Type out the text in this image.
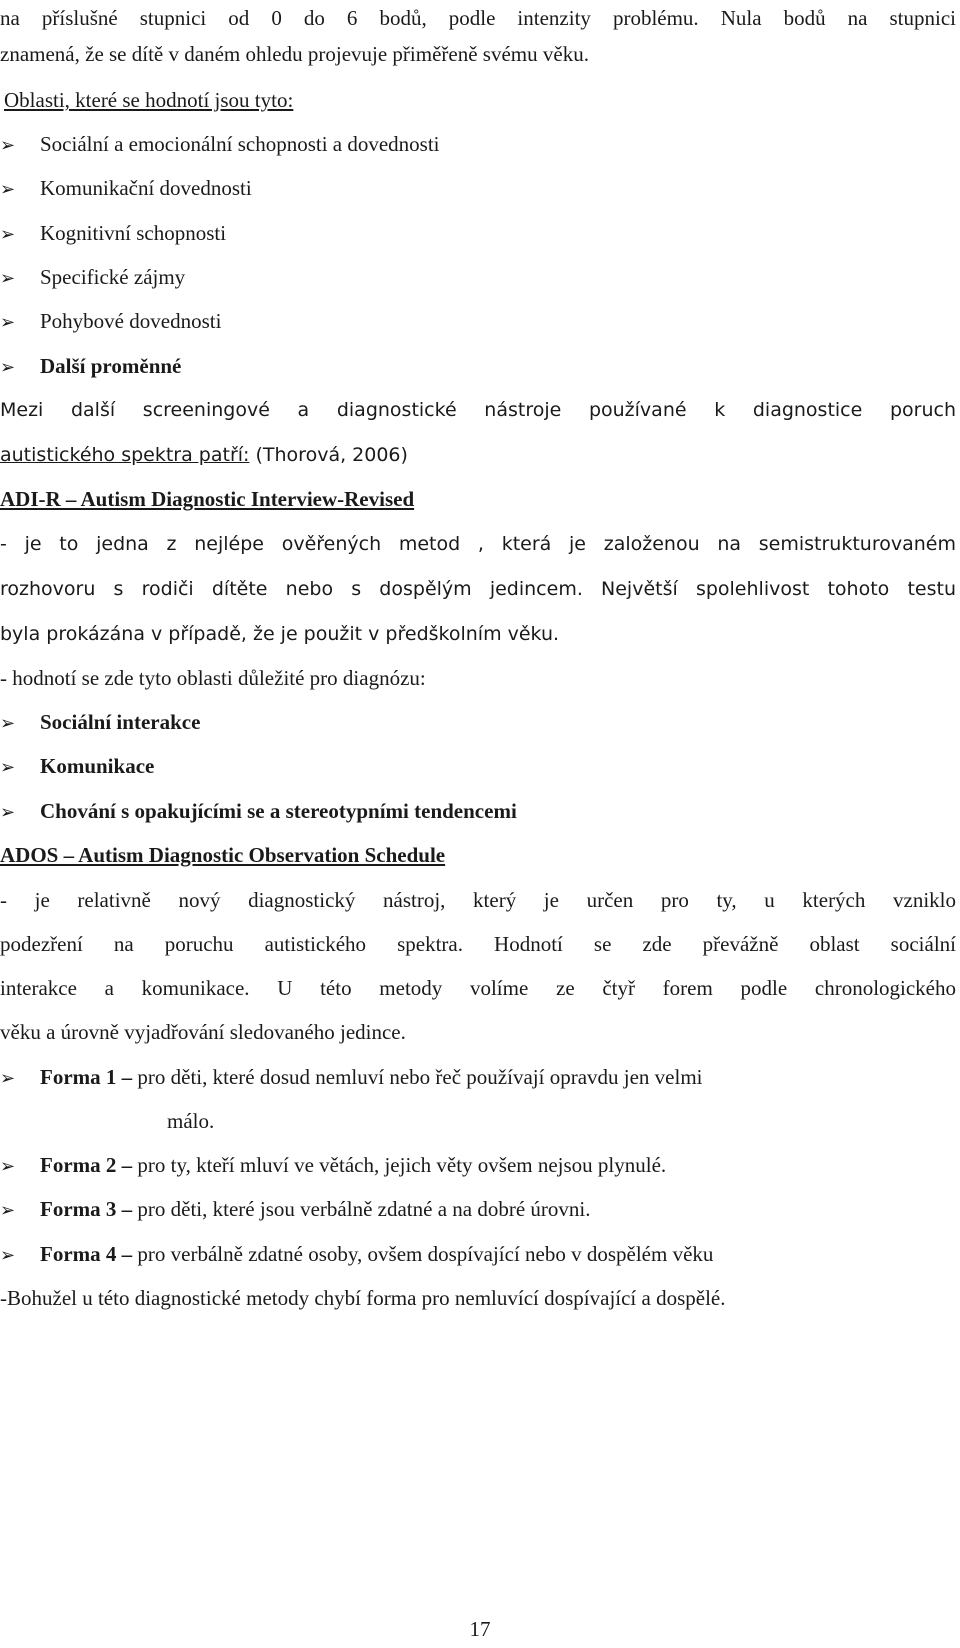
na příslušné stupnici od 0 do 6 bodů, podle intenzity problému. Nula bodů na stupnici
znamená, že se dítě v daném ohledu projevuje přiměřeně svému věku.
Oblasti, které se hodnotí jsou tyto:
➢ Sociální a emocionální schopnosti a dovednosti
➢ Komunikační dovednosti
➢ Kognitivní schopnosti
➢ Specifické zájmy
➢ Pohybové dovednosti
➢ Další proměnné
Mezi další screeningové a diagnostické nástroje používané k diagnostice poruch
autistického spektra patří: (Thorová, 2006)
ADI-R – Autism Diagnostic Interview-Revised
- je to jedna z nejlépe ověřených metod , která je založenou na semistrukturovaném
rozhovoru s rodiči dítěte nebo s dospělým jedincem. Největší spolehlivost tohoto testu
byla prokázána v případě, že je použit v předškolním věku.
- hodnotí se zde tyto oblasti důležité pro diagnózu:
➢ Sociální interakce
➢ Komunikace
➢ Chování s opakujícími se a stereotypními tendencemi
ADOS – Autism Diagnostic Observation Schedule
- je relativně nový diagnostický nástroj, který je určen pro ty, u kterých vzniklo
podezření na poruchu autistického spektra. Hodnotí se zde převážně oblast sociální
interakce a komunikace. U této metody volíme ze čtyř forem podle chronologického
věku a úrovně vyjadřování sledovaného jedince.
➢ Forma 1 – pro děti, které dosud nemluví nebo řeč používají opravdu jen velmi
málo.
➢ Forma 2 – pro ty, kteří mluví ve větách, jejich věty ovšem nejsou plynulé.
➢ Forma 3 – pro děti, které jsou verbálně zdatné a na dobré úrovni.
➢ Forma 4 – pro verbálně zdatné osoby, ovšem dospívající nebo v dospělém věku
-Bohužel u této diagnostické metody chybí forma pro nemluvící dospívající a dospělé.
17
